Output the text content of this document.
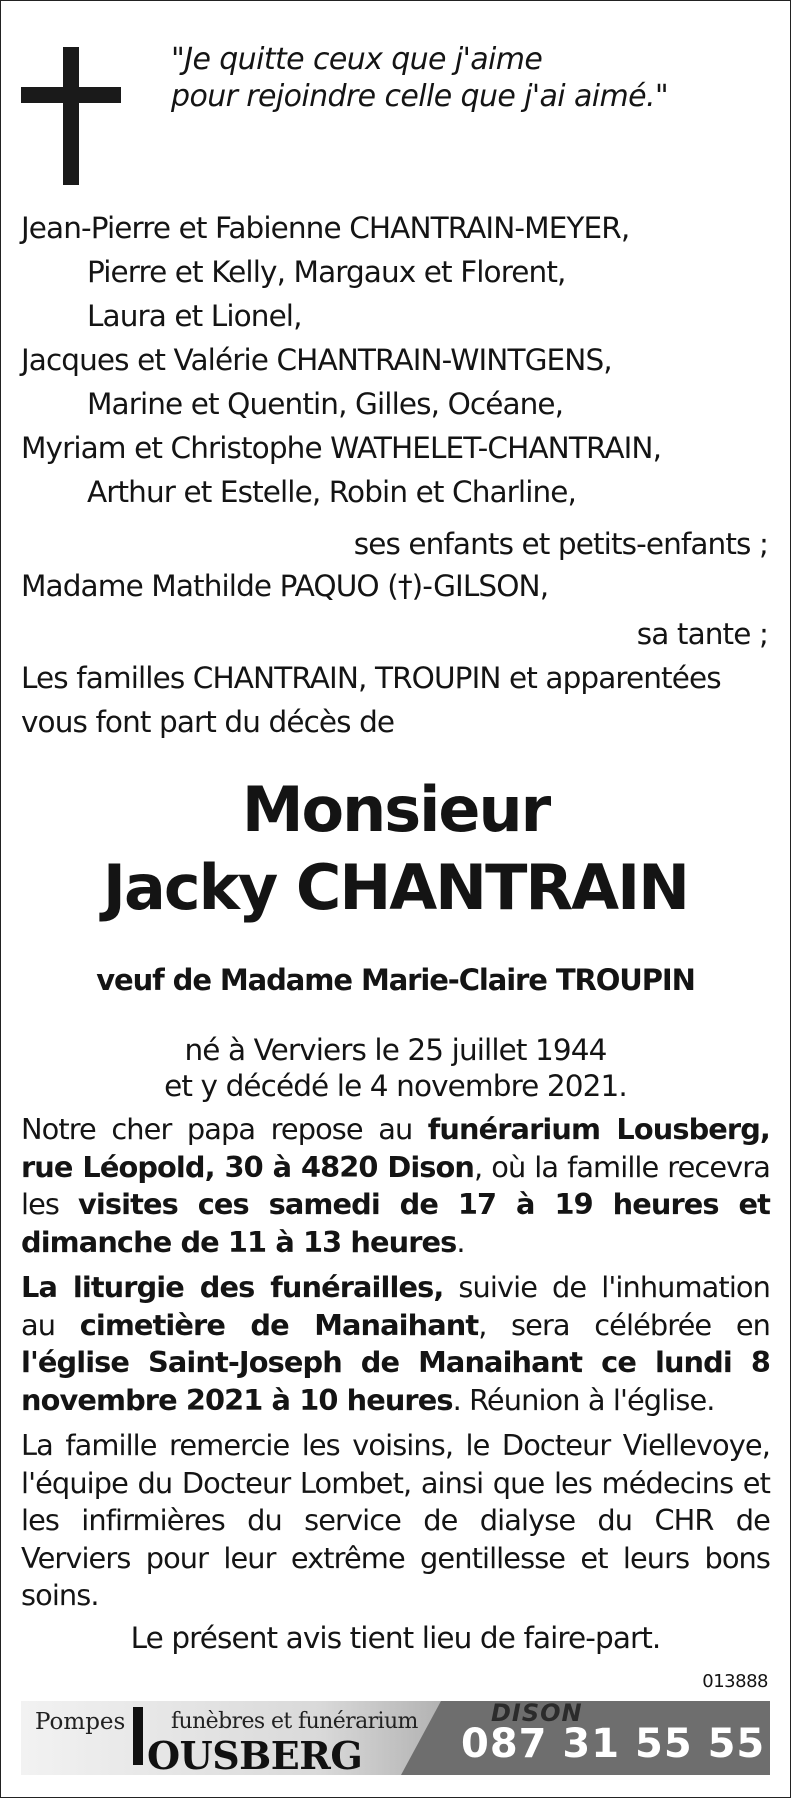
"Je quitte ceux que j'aime
pour rejoindre celle que j'ai aimé."
Jean-Pierre et Fabienne CHANTRAIN-MEYER,
Pierre et Kelly, Margaux et Florent,
Laura et Lionel,
Jacques et Valérie CHANTRAIN-WINTGENS,
Marine et Quentin, Gilles, Océane,
Myriam et Christophe WATHELET-CHANTRAIN,
Arthur et Estelle, Robin et Charline,
ses enfants et petits-enfants ;
Madame Mathilde PAQUO (†)-GILSON,
sa tante ;
Les familles CHANTRAIN, TROUPIN et apparentées
vous font part du décès de
Monsieur
Jacky CHANTRAIN
veuf de Madame Marie-Claire TROUPIN
né à Verviers le 25 juillet 1944
et y décédé le 4 novembre 2021.
Notre cher papa repose au funérarium Lousberg, rue Léopold, 30 à 4820 Dison, où la famille recevra les visites ces samedi de 17 à 19 heures et dimanche de 11 à 13 heures.
La liturgie des funérailles, suivie de l'inhumation au cimetière de Manaihant, sera célébrée en l'église Saint-Joseph de Manaihant ce lundi 8 novembre 2021 à 10 heures. Réunion à l'église.
La famille remercie les voisins, le Docteur Viellevoye, l'équipe du Docteur Lombet, ainsi que les médecins et les infirmières du service de dialyse du CHR de Verviers pour leur extrême gentillesse et leurs bons soins.
Le présent avis tient lieu de faire-part.
013888
Pompes funèbres et funérarium
OUSBERG
DISON
087 31 55 55
